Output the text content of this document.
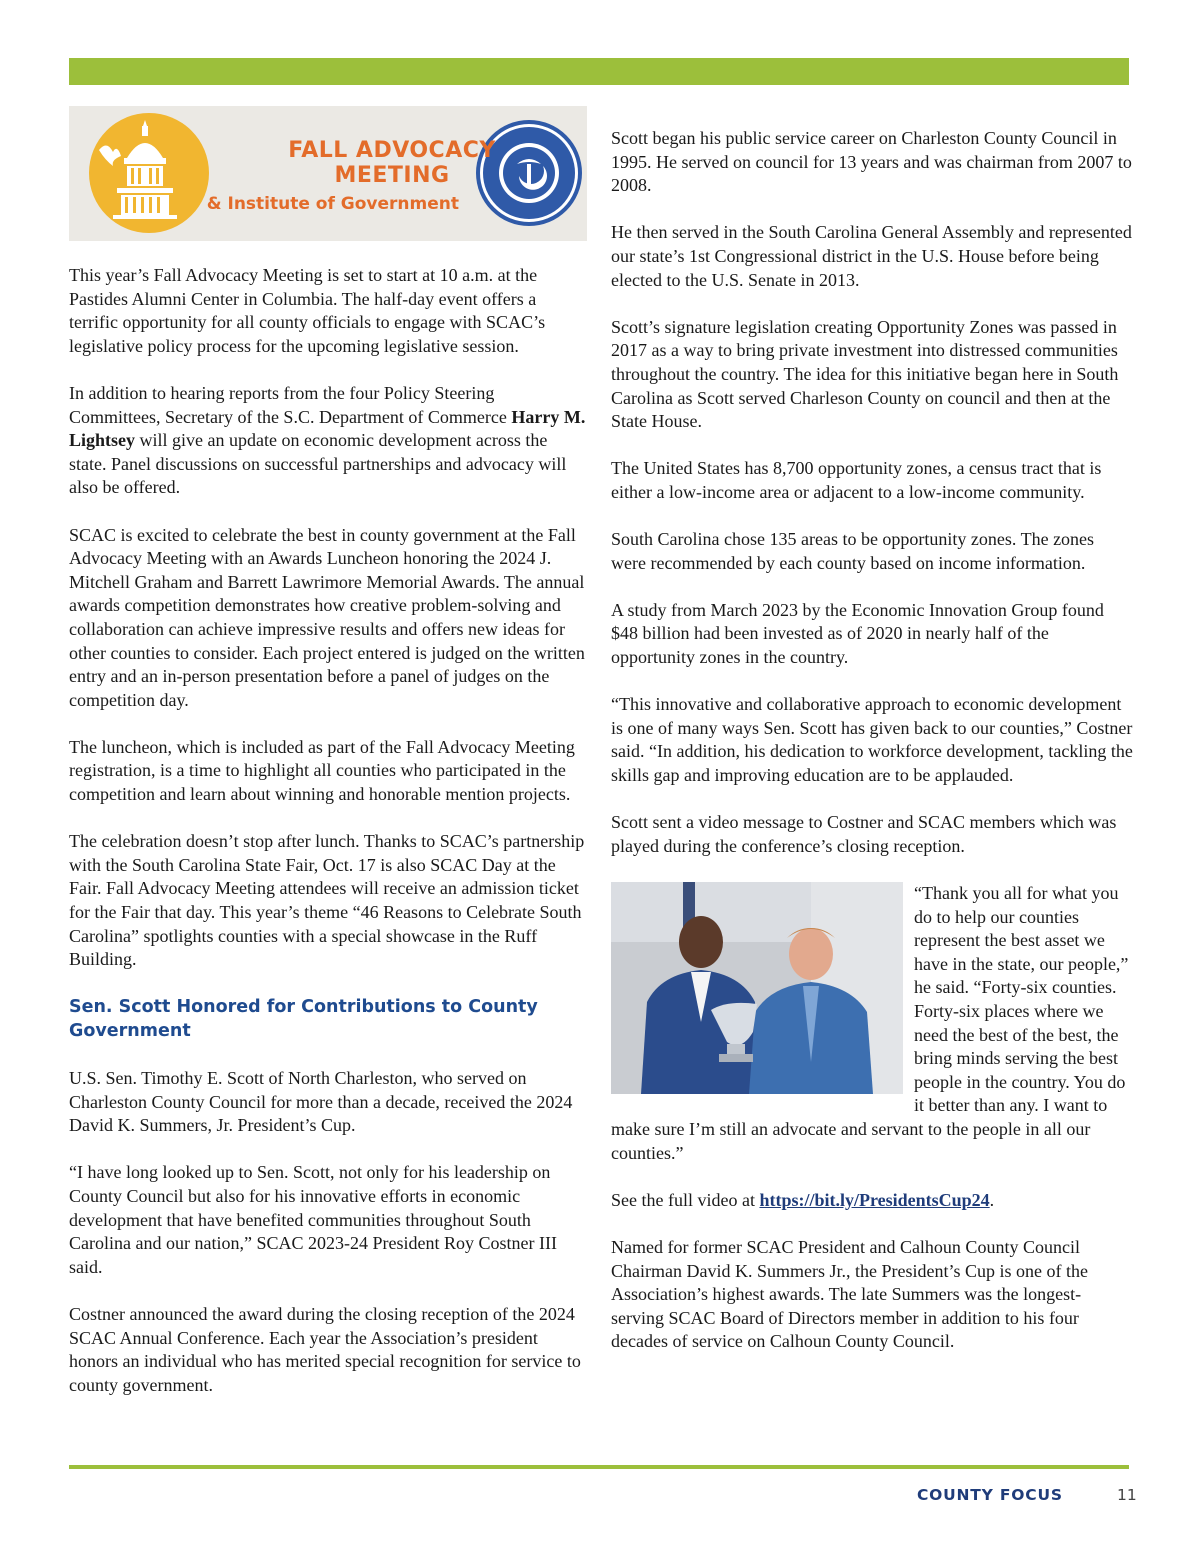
FALL ADVOCACY
MEETING
& Institute of Government

This year’s Fall Advocacy Meeting is set to start at 10 a.m. at the Pastides Alumni Center in Columbia. The half-day event offers a terrific opportunity for all county officials to engage with SCAC’s legislative policy process for the upcoming legislative session.

In addition to hearing reports from the four Policy Steering Committees, Secretary of the S.C. Department of Commerce Harry M. Lightsey will give an update on economic development across the state. Panel discussions on successful partnerships and advocacy will also be offered.

SCAC is excited to celebrate the best in county government at the Fall Advocacy Meeting with an Awards Luncheon honoring the 2024 J. Mitchell Graham and Barrett Lawrimore Memorial Awards. The annual awards competition demonstrates how creative problem-solving and collaboration can achieve impressive results and offers new ideas for other counties to consider. Each project entered is judged on the written entry and an in-person presentation before a panel of judges on the competition day.

The luncheon, which is included as part of the Fall Advocacy Meeting registration, is a time to highlight all counties who participated in the competition and learn about winning and honorable mention projects.

The celebration doesn’t stop after lunch. Thanks to SCAC’s partnership with the South Carolina State Fair, Oct. 17 is also SCAC Day at the Fair. Fall Advocacy Meeting attendees will receive an admission ticket for the Fair that day. This year’s theme “46 Reasons to Celebrate South Carolina” spotlights counties with a special showcase in the Ruff Building.

Sen. Scott Honored for Contributions to County Government

U.S. Sen. Timothy E. Scott of North Charleston, who served on Charleston County Council for more than a decade, received the 2024 David K. Summers, Jr. President’s Cup.

“I have long looked up to Sen. Scott, not only for his leadership on County Council but also for his innovative efforts in economic development that have benefited communities throughout South Carolina and our nation,” SCAC 2023-24 President Roy Costner III said.

Costner announced the award during the closing reception of the 2024 SCAC Annual Conference. Each year the Association’s president honors an individual who has merited special recognition for service to county government.

Scott began his public service career on Charleston County Council in 1995. He served on council for 13 years and was chairman from 2007 to 2008.

He then served in the South Carolina General Assembly and represented our state’s 1st Congressional district in the U.S. House before being elected to the U.S. Senate in 2013.

Scott’s signature legislation creating Opportunity Zones was passed in 2017 as a way to bring private investment into distressed communities throughout the country. The idea for this initiative began here in South Carolina as Scott served Charleson County on council and then at the State House.

The United States has 8,700 opportunity zones, a census tract that is either a low-income area or adjacent to a low-income community.

South Carolina chose 135 areas to be opportunity zones. The zones were recommended by each county based on income information.

A study from March 2023 by the Economic Innovation Group found $48 billion had been invested as of 2020 in nearly half of the opportunity zones in the country.

“This innovative and collaborative approach to economic development is one of many ways Sen. Scott has given back to our counties,” Costner said. “In addition, his dedication to workforce development, tackling the skills gap and improving education are to be applauded.

Scott sent a video message to Costner and SCAC members which was played during the conference’s closing reception.

“Thank you all for what you do to help our counties represent the best asset we have in the state, our people,” he said. “Forty-six counties. Forty-six places where we need the best of the best, the bring minds serving the best people in the country. You do it better than any. I want to make sure I’m still an advocate and servant to the people in all our counties.”

See the full video at https://bit.ly/PresidentsCup24.

Named for former SCAC President and Calhoun County Council Chairman David K. Summers Jr., the President’s Cup is one of the Association’s highest awards. The late Summers was the longest-serving SCAC Board of Directors member in addition to his four decades of service on Calhoun County Council.

COUNTY FOCUS	11
